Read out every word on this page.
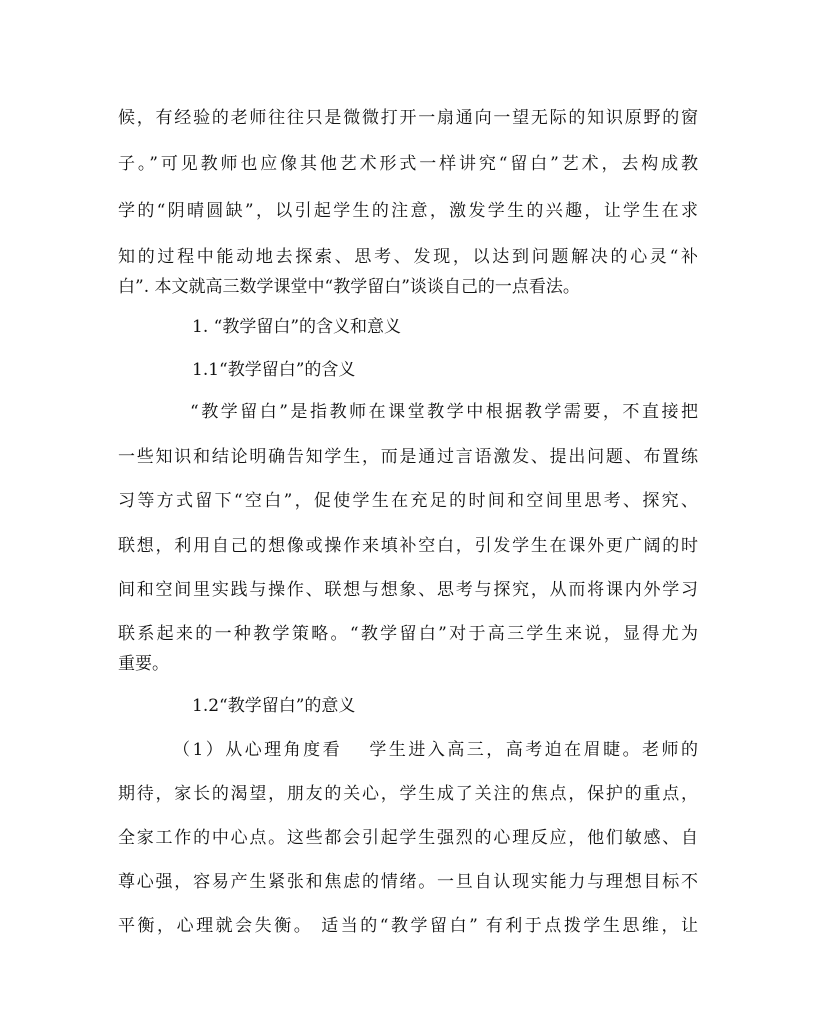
候，有经验的老师往往只是微微打开一扇通向一望无际的知识原野的窗
子。”可见教师也应像其他艺术形式一样讲究“留白”艺术，去构成教
学的“阴晴圆缺”，以引起学生的注意，激发学生的兴趣，让学生在求
知的过程中能动地去探索、思考、发现，以达到问题解决的心灵“补
白”. 本文就高三数学课堂中“教学留白”谈谈自己的一点看法。
1. “教学留白”的含义和意义
1.1“教学留白”的含义
“教学留白”是指教师在课堂教学中根据教学需要，不直接把
一些知识和结论明确告知学生，而是通过言语激发、提出问题、布置练
习等方式留下“空白”，促使学生在充足的时间和空间里思考、探究、
联想，利用自己的想像或操作来填补空白，引发学生在课外更广阔的时
间和空间里实践与操作、联想与想象、思考与探究，从而将课内外学习
联系起来的一种教学策略。“教学留白”对于高三学生来说，显得尤为
重要。
1.2“教学留白”的意义
（1）从心理角度看　 学生进入高三，高考迫在眉睫。老师的
期待，家长的渴望，朋友的关心，学生成了关注的焦点，保护的重点，
全家工作的中心点。这些都会引起学生强烈的心理反应，他们敏感、自
尊心强，容易产生紧张和焦虑的情绪。一旦自认现实能力与理想目标不
平衡，心理就会失衡。 适当的“教学留白” 有利于点拨学生思维，让
